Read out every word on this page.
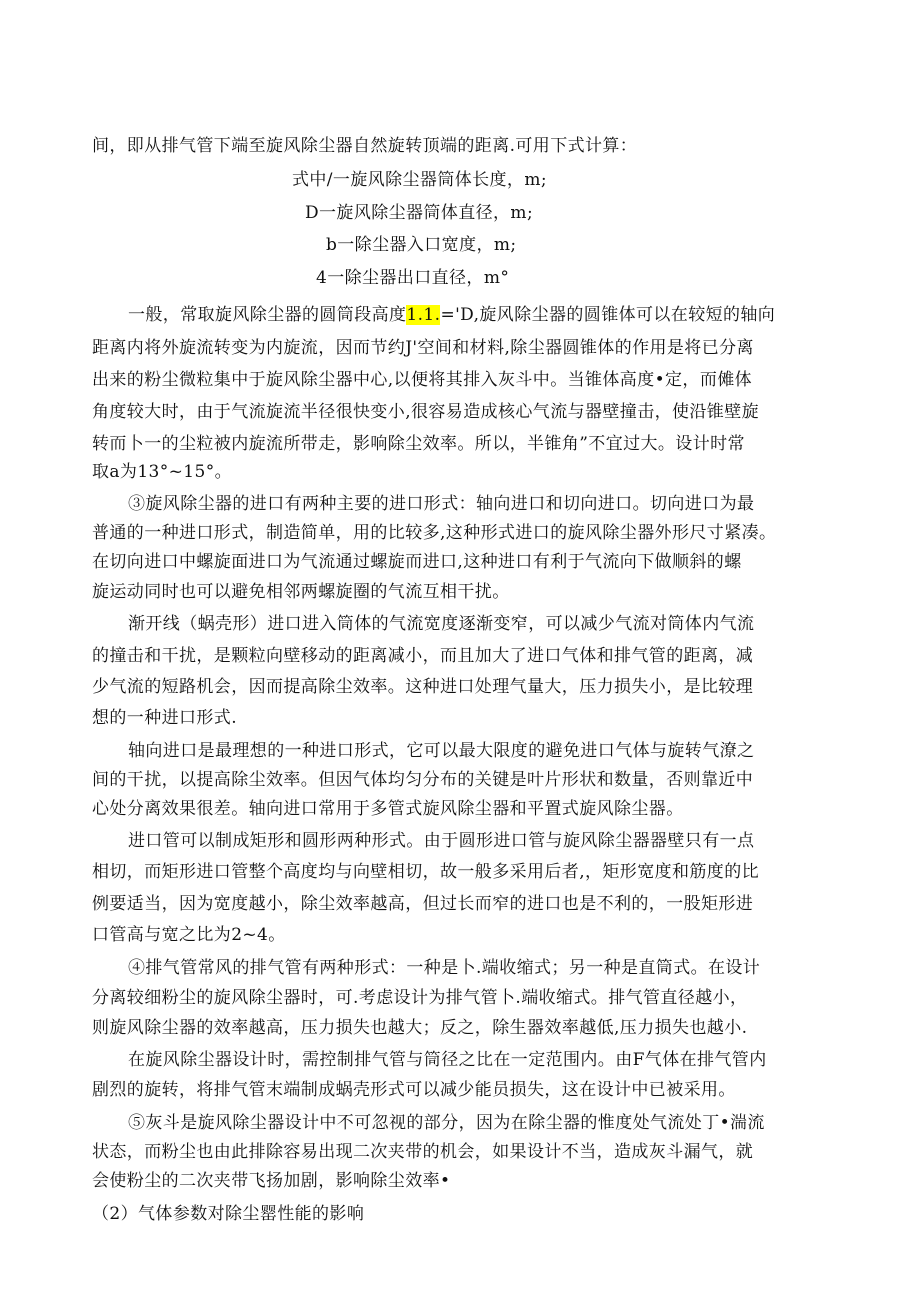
间，即从排气管下端至旋风除尘器自然旋转顶端的距离.可用下式计算：
式中/一旋风除尘器筒体长度，m;
D一旋风除尘器筒体直径，m;
b一除尘器入口宽度，m;
4一除尘器出口直径，m°
一般，常取旋风除尘器的圆筒段高度1.1.='D,旋风除尘器的圆锥体可以在较短的轴向
距离内将外旋流转变为内旋流，因而节约J'空间和材料,除尘器圆锥体的作用是将已分离
出来的粉尘微粒集中于旋风除尘器中心,以便将其排入灰斗中。当锥体高度•定，而傩体
角度较大时，由于气流旋流半径很快变小,很容易造成核心气流与器壁撞击，使沿锥壁旋
转而卜一的尘粒被内旋流所带走，影响除尘效率。所以，半锥角”不宜过大。设计时常
取a为13°~15°。
③旋风除尘器的进口有两种主要的进口形式：轴向进口和切向进口。切向进口为最
普通的一种进口形式，制造简单，用的比较多,这种形式进口的旋风除尘器外形尺寸紧凑。
在切向进口中螺旋面进口为气流通过螺旋而进口,这种进口有利于气流向下做顺斜的螺
旋运动同时也可以避免相邻两螺旋圈的气流互相干扰。
渐开线（蜗壳形）进口进入筒体的气流宽度逐渐变窄，可以减少气流对筒体内气流
的撞击和干扰，是颗粒向壁移动的距离减小，而且加大了进口气体和排气管的距离，减
少气流的短路机会，因而提高除尘效率。这种进口处理气量大，压力损失小，是比较理
想的一种进口形式.
轴向进口是最理想的一种进口形式，它可以最大限度的避免进口气体与旋转气潦之
间的干扰，以提高除尘效率。但因气体均匀分布的关键是叶片形状和数量，否则靠近中
心处分离效果很差。轴向进口常用于多管式旋风除尘器和平置式旋风除尘器。
进口管可以制成矩形和圆形两种形式。由于圆形进口管与旋风除尘器器壁只有一点
相切，而矩形进口管整个高度均与向壁相切，故一般多采用后者,，矩形宽度和筋度的比
例要适当，因为宽度越小，除尘效率越高，但过长而窄的进口也是不利的，一股矩形进
口管高与宽之比为2~4。
④排气管常风的排气管有两种形式：一种是卜.端收缩式；另一种是直筒式。在设计
分离较细粉尘的旋风除尘器时，可.考虑设计为排气管卜.端收缩式。排气管直径越小，
则旋风除尘器的效率越高，压力损失也越大；反之，除生器效率越低,压力损失也越小.
在旋风除尘器设计时，需控制排气管与筒径之比在一定范围内。由F气体在排气管内
剧烈的旋转，将排气管末端制成蜗壳形式可以减少能员损失，这在设计中已被采用。
⑤灰斗是旋风除尘器设计中不可忽视的部分，因为在除尘器的惟度处气流处丁•湍流
状态，而粉尘也由此排除容易出现二次夹带的机会，如果设计不当，造成灰斗漏气，就
会使粉尘的二次夹带飞扬加剧，影响除尘效率•
（2）气体参数对除尘罂性能的影响
